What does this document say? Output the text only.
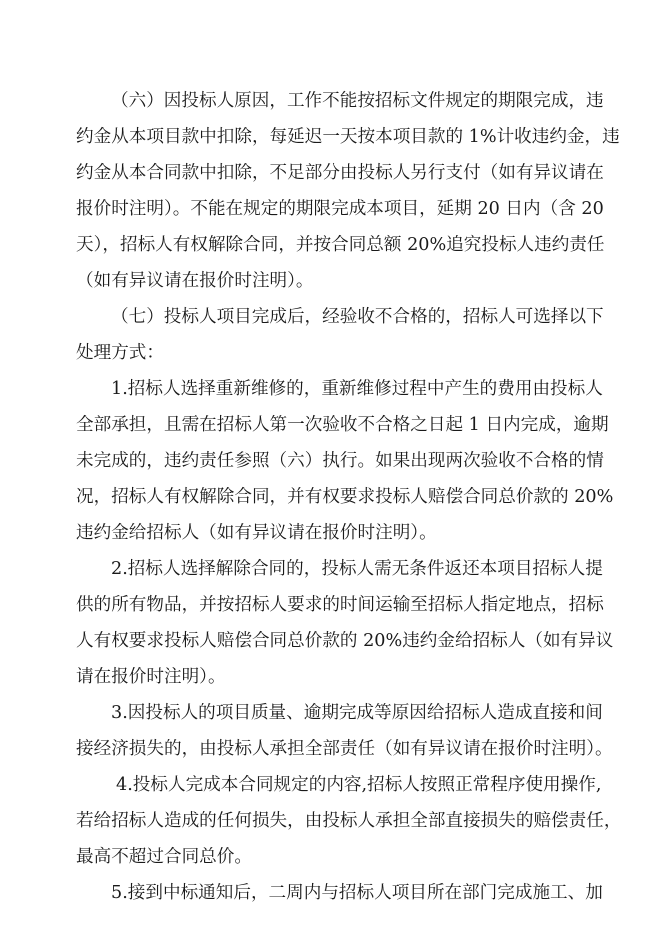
（六）因投标人原因，工作不能按招标文件规定的期限完成，违
约金从本项目款中扣除，每延迟一天按本项目款的 1%计收违约金，违
约金从本合同款中扣除，不足部分由投标人另行支付（如有异议请在
报价时注明）。不能在规定的期限完成本项目，延期 20 日内（含 20
天），招标人有权解除合同，并按合同总额 20%追究投标人违约责任
（如有异议请在报价时注明）。
（七）投标人项目完成后，经验收不合格的，招标人可选择以下
处理方式：
1.招标人选择重新维修的，重新维修过程中产生的费用由投标人
全部承担，且需在招标人第一次验收不合格之日起 1 日内完成，逾期
未完成的，违约责任参照（六）执行。如果出现两次验收不合格的情
况，招标人有权解除合同，并有权要求投标人赔偿合同总价款的 20%
违约金给招标人（如有异议请在报价时注明）。
2.招标人选择解除合同的，投标人需无条件返还本项目招标人提
供的所有物品，并按招标人要求的时间运输至招标人指定地点，招标
人有权要求投标人赔偿合同总价款的 20%违约金给招标人（如有异议
请在报价时注明）。
3.因投标人的项目质量、逾期完成等原因给招标人造成直接和间
接经济损失的，由投标人承担全部责任（如有异议请在报价时注明）。
4.投标人完成本合同规定的内容,招标人按照正常程序使用操作,
若给招标人造成的任何损失，由投标人承担全部直接损失的赔偿责任，
最高不超过合同总价。
5.接到中标通知后，二周内与招标人项目所在部门完成施工、加
